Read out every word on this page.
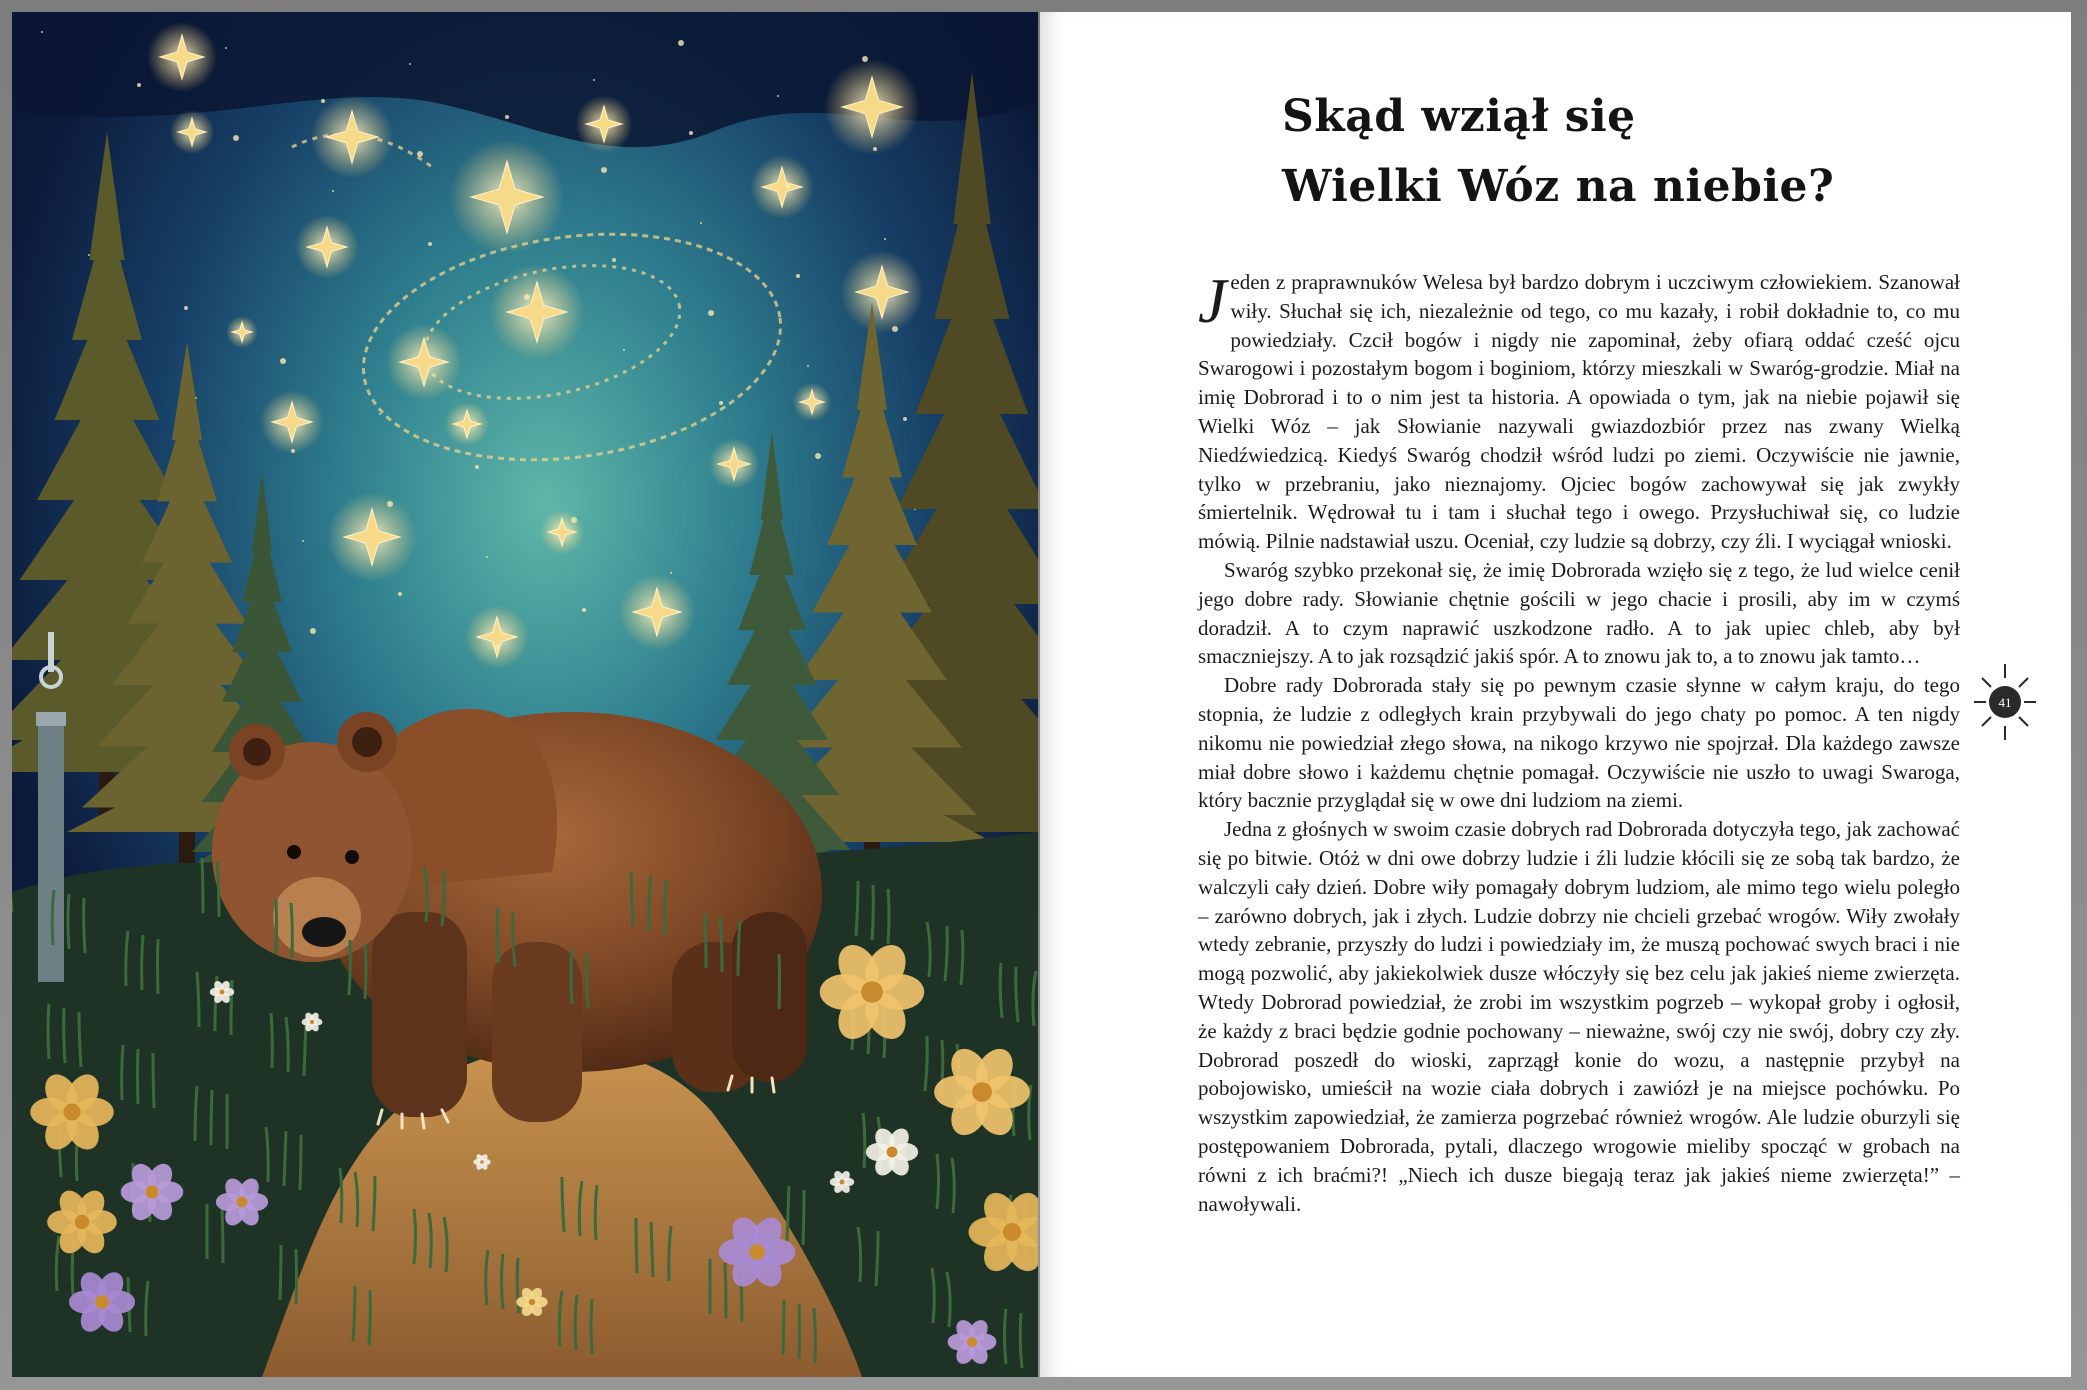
Skąd wziął się
Wielki Wóz na niebie?

Jeden z praprawnuków Welesa był bardzo dobrym i uczciwym człowiekiem. Szanował wiły. Słuchał się ich, niezależnie od tego, co mu kazały, i robił dokładnie to, co mu powiedziały. Czcił bogów i nigdy nie zapominał, żeby ofiarą oddać cześć ojcu Swarogowi i pozostałym bogom i boginiom, którzy mieszkali w Swaróg-grodzie. Miał na imię Dobrorad i to o nim jest ta historia. A opowiada o tym, jak na niebie pojawił się Wielki Wóz – jak Słowianie nazywali gwiazdozbiór przez nas zwany Wielką Niedźwiedzicą. Kiedyś Swaróg chodził wśród ludzi po ziemi. Oczywiście nie jawnie, tylko w przebraniu, jako nieznajomy. Ojciec bogów zachowywał się jak zwykły śmiertelnik. Wędrował tu i tam i słuchał tego i owego. Przysłuchiwał się, co ludzie mówią. Pilnie nadstawiał uszu. Oceniał, czy ludzie są dobrzy, czy źli. I wyciągał wnioski.

Swaróg szybko przekonał się, że imię Dobrorada wzięło się z tego, że lud wielce cenił jego dobre rady. Słowianie chętnie gościli w jego chacie i prosili, aby im w czymś doradził. A to czym naprawić uszkodzone radło. A to jak upiec chleb, aby był smaczniejszy. A to jak rozsądzić jakiś spór. A to znowu jak to, a to znowu jak tamto…

Dobre rady Dobrorada stały się po pewnym czasie słynne w całym kraju, do tego stopnia, że ludzie z odległych krain przybywali do jego chaty po pomoc. A ten nigdy nikomu nie powiedział złego słowa, na nikogo krzywo nie spojrzał. Dla każdego zawsze miał dobre słowo i każdemu chętnie pomagał. Oczywiście nie uszło to uwagi Swaroga, który bacznie przyglądał się w owe dni ludziom na ziemi.

Jedna z głośnych w swoim czasie dobrych rad Dobrorada dotyczyła tego, jak zachować się po bitwie. Otóż w dni owe dobrzy ludzie i źli ludzie kłócili się ze sobą tak bardzo, że walczyli cały dzień. Dobre wiły pomagały dobrym ludziom, ale mimo tego wielu poległo – zarówno dobrych, jak i złych. Ludzie dobrzy nie chcieli grzebać wrogów. Wiły zwołały wtedy zebranie, przyszły do ludzi i powiedziały im, że muszą pochować swych braci i nie mogą pozwolić, aby jakiekolwiek dusze włóczyły się bez celu jak jakieś nieme zwierzęta. Wtedy Dobrorad powiedział, że zrobi im wszystkim pogrzeb – wykopał groby i ogłosił, że każdy z braci będzie godnie pochowany – nieważne, swój czy nie swój, dobry czy zły. Dobrorad poszedł do wioski, zaprzągł konie do wozu, a następnie przybył na pobojowisko, umieścił na wozie ciała dobrych i zawiózł je na miejsce pochówku. Po wszystkim zapowiedział, że zamierza pogrzebać również wrogów. Ale ludzie oburzyli się postępowaniem Dobrorada, pytali, dlaczego wrogowie mieliby spocząć w grobach na równi z ich braćmi?! „Niech ich dusze biegają teraz jak jakieś nieme zwierzęta!” – nawoływali.

41
